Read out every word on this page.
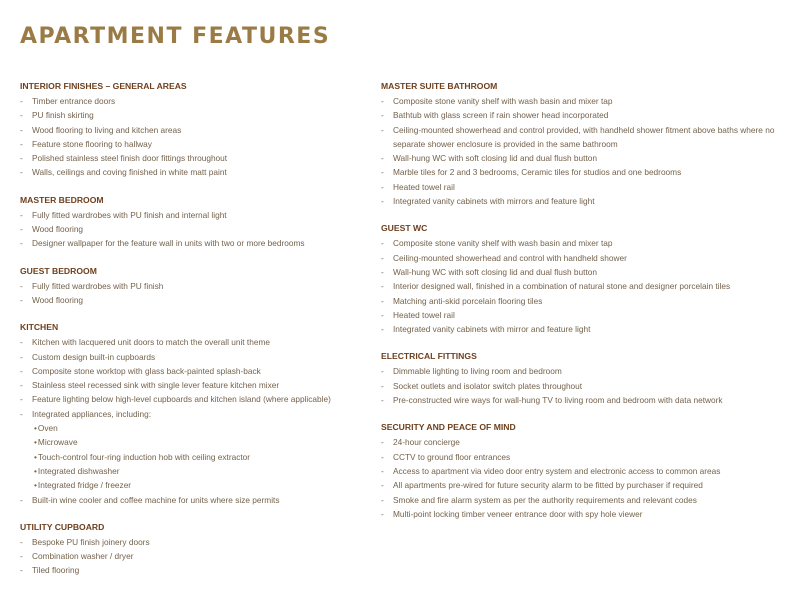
APARTMENT FEATURES
INTERIOR FINISHES – GENERAL AREAS
- Timber entrance doors
- PU finish skirting
- Wood flooring to living and kitchen areas
- Feature stone flooring to hallway
- Polished stainless steel finish door fittings throughout
- Walls, ceilings and coving finished in white matt paint
MASTER BEDROOM
- Fully fitted wardrobes with PU finish and internal light
- Wood flooring
- Designer wallpaper for the feature wall in units with two or more bedrooms
GUEST BEDROOM
- Fully fitted wardrobes with PU finish
- Wood flooring
KITCHEN
- Kitchen with lacquered unit doors to match the overall unit theme
- Custom design built-in cupboards
- Composite stone worktop with glass back-painted splash-back
- Stainless steel recessed sink with single lever feature kitchen mixer
- Feature lighting below high-level cupboards and kitchen island (where applicable)
- Integrated appliances, including:
•Oven
•Microwave
•Touch-control four-ring induction hob with ceiling extractor
•Integrated dishwasher
•Integrated fridge / freezer
- Built-in wine cooler and coffee machine for units where size permits
UTILITY CUPBOARD
- Bespoke PU finish joinery doors
- Combination washer / dryer
- Tiled flooring
MASTER SUITE BATHROOM
- Composite stone vanity shelf with wash basin and mixer tap
- Bathtub with glass screen if rain shower head incorporated
- Ceiling-mounted showerhead and control provided, with handheld shower fitment above baths where no separate shower enclosure is provided in the same bathroom
- Wall-hung WC with soft closing lid and dual flush button
- Marble tiles for 2 and 3 bedrooms, Ceramic tiles for studios and one bedrooms
- Heated towel rail
- Integrated vanity cabinets with mirrors and feature light
GUEST WC
- Composite stone vanity shelf with wash basin and mixer tap
- Ceiling-mounted showerhead and control with handheld shower
- Wall-hung WC with soft closing lid and dual flush button
- Interior designed wall, finished in a combination of natural stone and designer porcelain tiles
- Matching anti-skid porcelain flooring tiles
- Heated towel rail
- Integrated vanity cabinets with mirror and feature light
ELECTRICAL FITTINGS
- Dimmable lighting to living room and bedroom
- Socket outlets and isolator switch plates throughout
- Pre-constructed wire ways for wall-hung TV to living room and bedroom with data network
SECURITY AND PEACE OF MIND
- 24-hour concierge
- CCTV to ground floor entrances
- Access to apartment via video door entry system and electronic access to common areas
- All apartments pre-wired for future security alarm to be fitted by purchaser if required
- Smoke and fire alarm system as per the authority requirements and relevant codes
- Multi-point locking timber veneer entrance door with spy hole viewer
